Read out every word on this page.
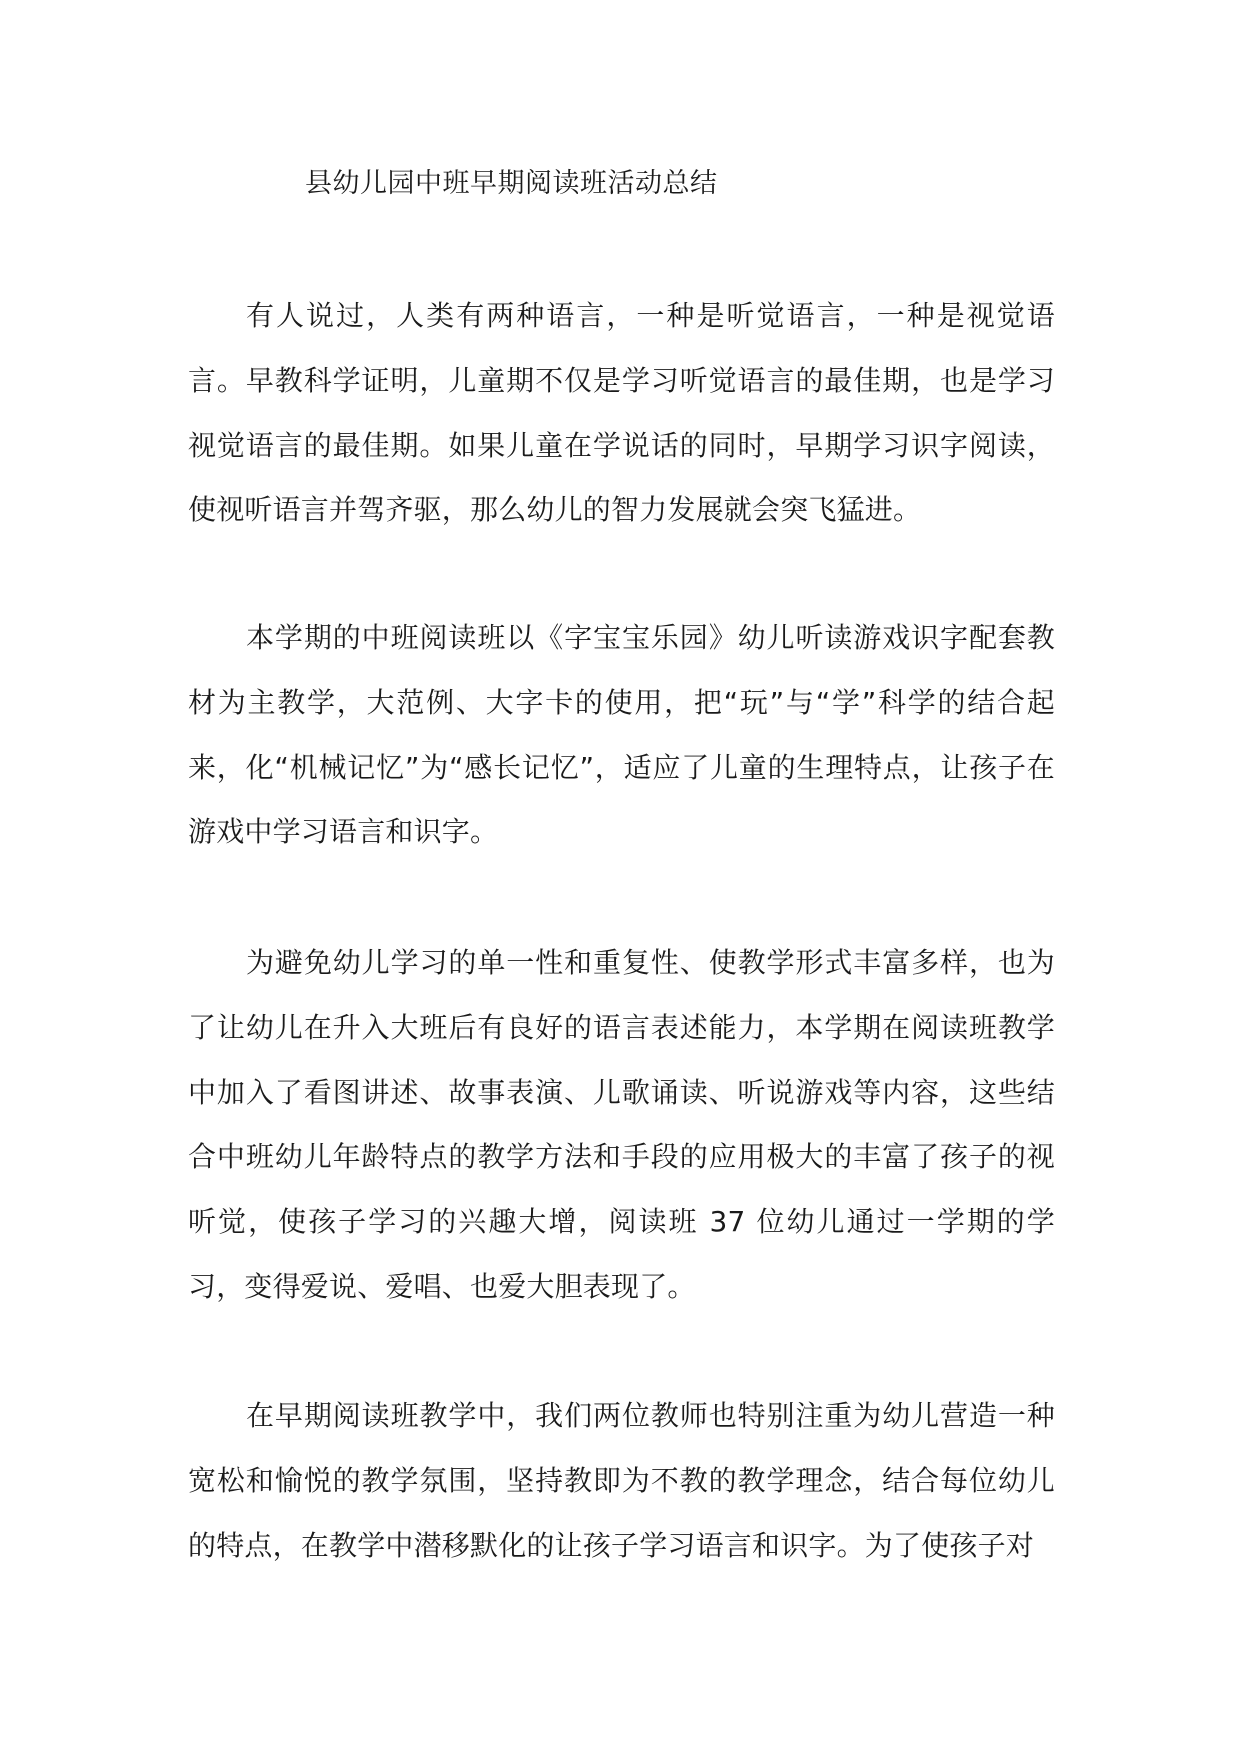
县幼儿园中班早期阅读班活动总结

有人说过，人类有两种语言，一种是听觉语言，一种是视觉语言。早教科学证明，儿童期不仅是学习听觉语言的最佳期，也是学习视觉语言的最佳期。如果儿童在学说话的同时，早期学习识字阅读，使视听语言并驾齐驱，那么幼儿的智力发展就会突飞猛进。

本学期的中班阅读班以《字宝宝乐园》幼儿听读游戏识字配套教材为主教学，大范例、大字卡的使用，把“玩”与“学”科学的结合起来，化“机械记忆”为“感长记忆”，适应了儿童的生理特点，让孩子在游戏中学习语言和识字。

为避免幼儿学习的单一性和重复性、使教学形式丰富多样，也为了让幼儿在升入大班后有良好的语言表述能力，本学期在阅读班教学中加入了看图讲述、故事表演、儿歌诵读、听说游戏等内容，这些结合中班幼儿年龄特点的教学方法和手段的应用极大的丰富了孩子的视听觉，使孩子学习的兴趣大增，阅读班 37 位幼儿通过一学期的学习，变得爱说、爱唱、也爱大胆表现了。

在早期阅读班教学中，我们两位教师也特别注重为幼儿营造一种宽松和愉悦的教学氛围，坚持教即为不教的教学理念，结合每位幼儿的特点，在教学中潜移默化的让孩子学习语言和识字。为了使孩子对
